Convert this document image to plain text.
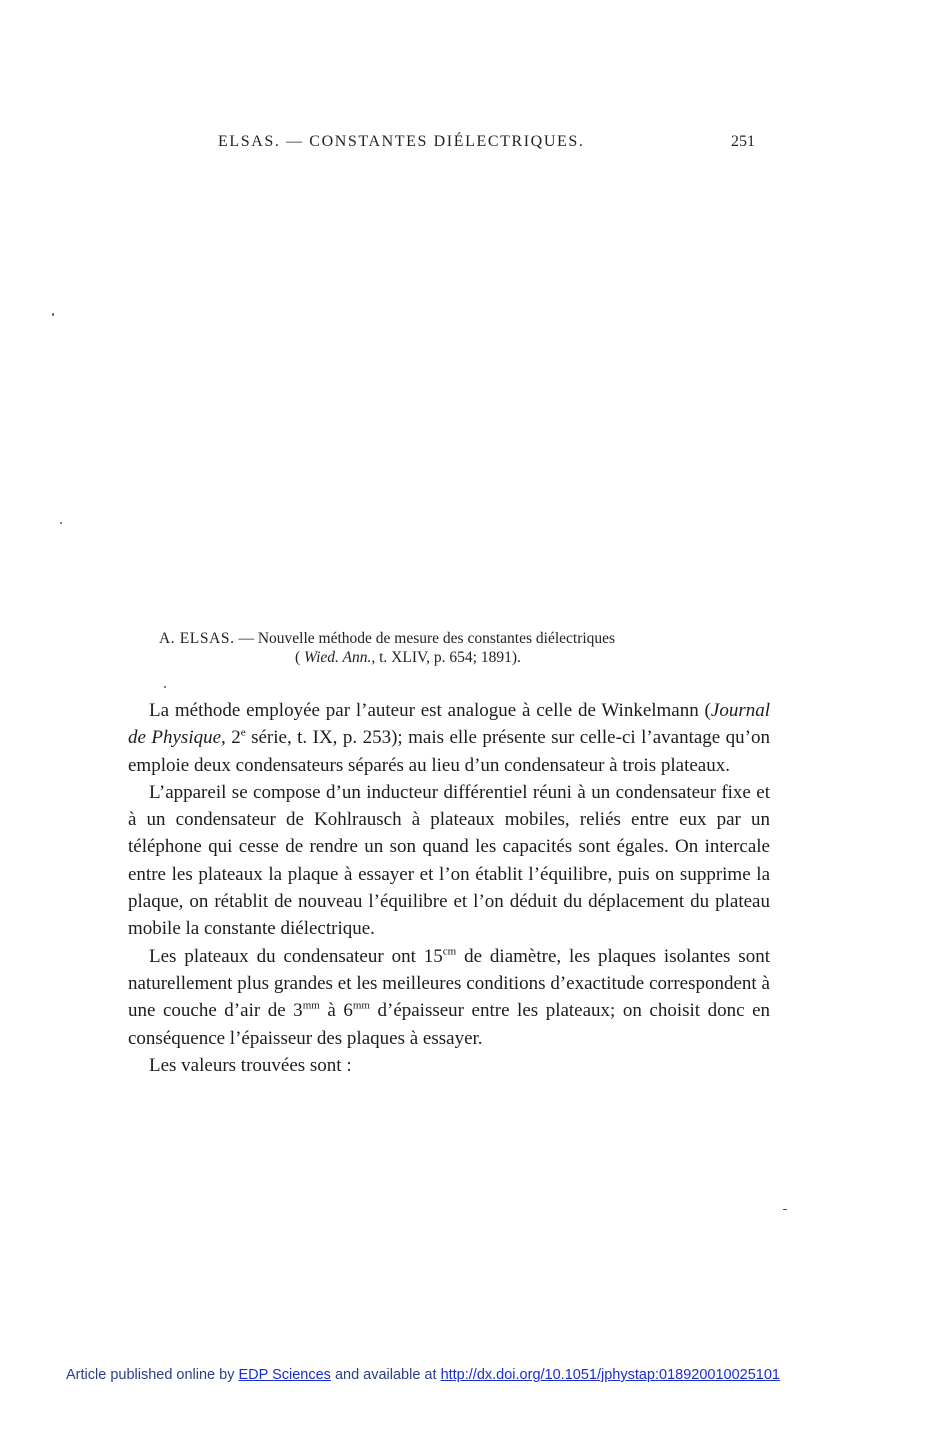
ELSAS. — CONSTANTES DIÉLECTRIQUES.	251
A. ELSAS. — Nouvelle méthode de mesure des constantes diélectriques
( Wied. Ann., t. XLIV, p. 654; 1891).

La méthode employée par l’auteur est analogue à celle de Winkelmann (Journal de Physique, 2e série, t. IX, p. 253); mais elle présente sur celle-ci l’avantage qu’on emploie deux condensateurs séparés au lieu d’un condensateur à trois plateaux.

L’appareil se compose d’un inducteur différentiel réuni à un condensateur fixe et à un condensateur de Kohlrausch à plateaux mobiles, reliés entre eux par un téléphone qui cesse de rendre un son quand les capacités sont égales. On intercale entre les plateaux la plaque à essayer et l’on établit l’équilibre, puis on supprime la plaque, on rétablit de nouveau l’équilibre et l’on déduit du déplacement du plateau mobile la constante diélectrique.

Les plateaux du condensateur ont $15^{cm}$ de diamètre, les plaques isolantes sont naturellement plus grandes et les meilleures conditions d’exactitude correspondent à une couche d’air de $3^{mm}$ à $6^{mm}$ d’épaisseur entre les plateaux; on choisit donc en conséquence l’épaisseur des plaques à essayer.

Les valeurs trouvées sont :

Article published online by EDP Sciences and available at http://dx.doi.org/10.1051/jphystap:018920010025101
